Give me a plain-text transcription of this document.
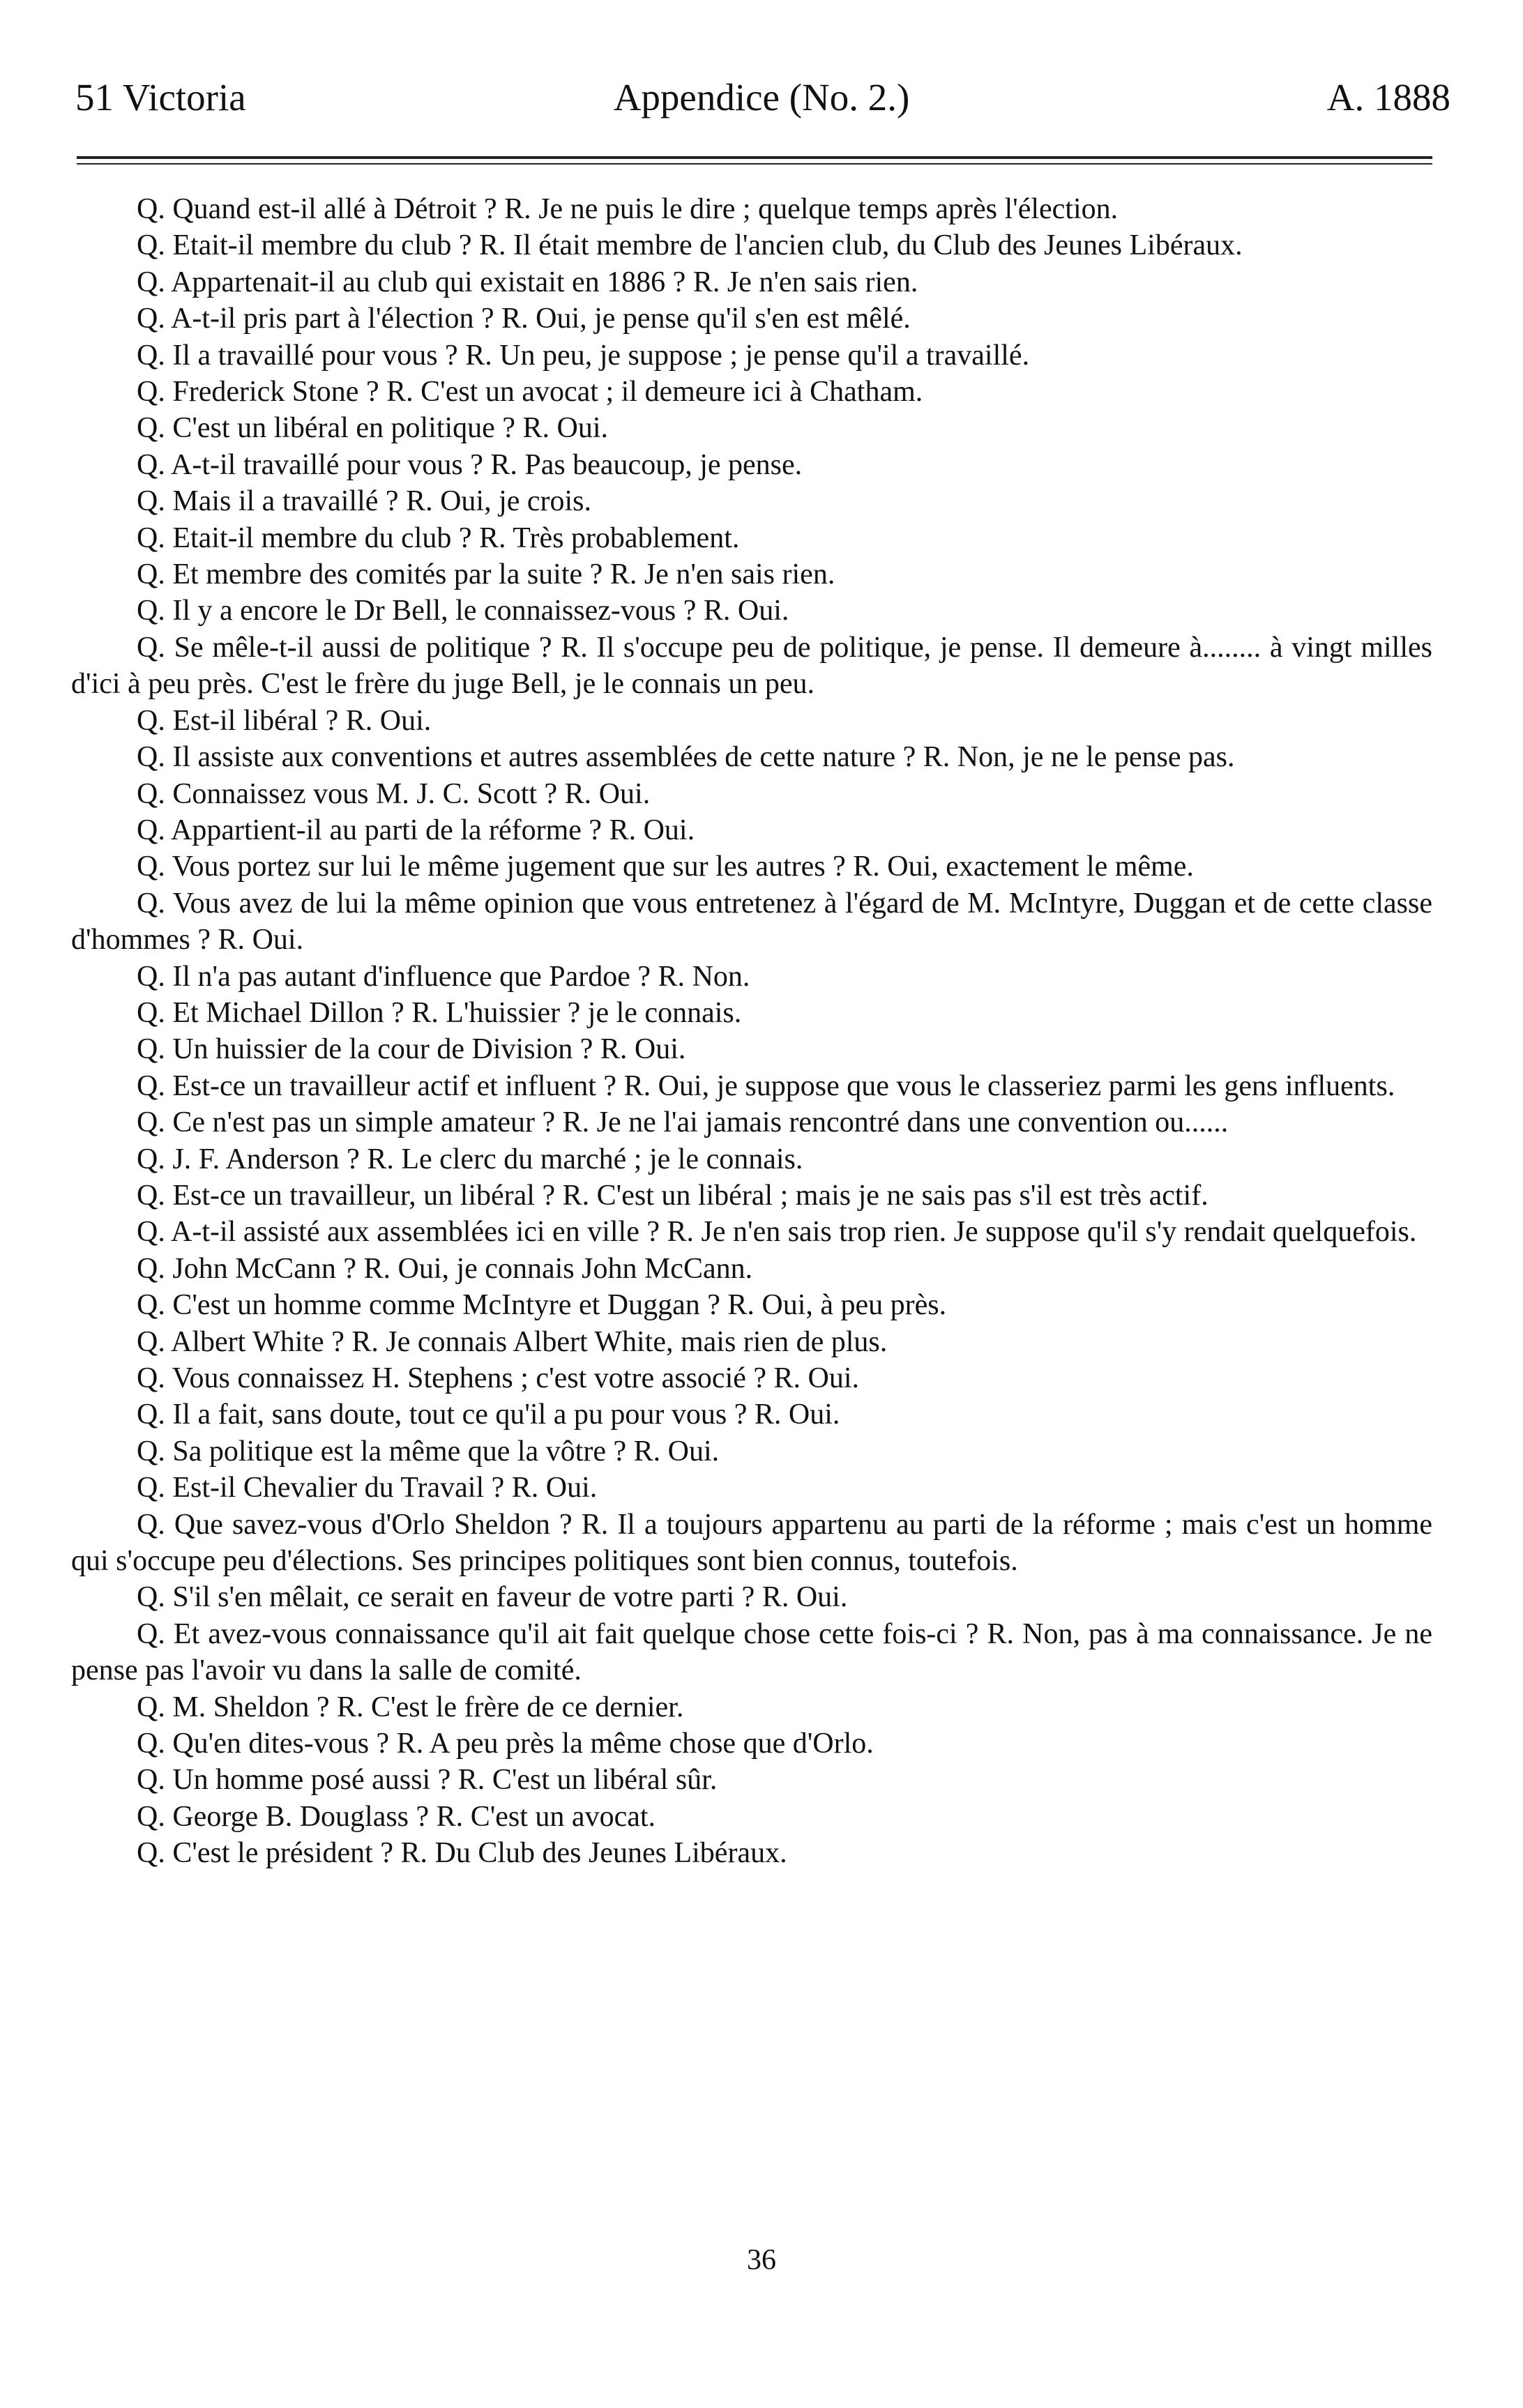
51 Victoria	Appendice (No. 2.)	A. 1888

Q. Quand est-il allé à Détroit ? R. Je ne puis le dire ; quelque temps après l'élection.

Q. Etait-il membre du club ? R. Il était membre de l'ancien club, du Club des Jeunes Libéraux.

Q. Appartenait-il au club qui existait en 1886 ? R. Je n'en sais rien.

Q. A-t-il pris part à l'élection ? R. Oui, je pense qu'il s'en est mêlé.

Q. Il a travaillé pour vous ? R. Un peu, je suppose ; je pense qu'il a travaillé.

Q. Frederick Stone ? R. C'est un avocat ; il demeure ici à Chatham.

Q. C'est un libéral en politique ? R. Oui.

Q. A-t-il travaillé pour vous ? R. Pas beaucoup, je pense.

Q. Mais il a travaillé ? R. Oui, je crois.

Q. Etait-il membre du club ? R. Très probablement.

Q. Et membre des comités par la suite ? R. Je n'en sais rien.

Q. Il y a encore le Dr Bell, le connaissez-vous ? R. Oui.

Q. Se mêle-t-il aussi de politique ? R. Il s'occupe peu de politique, je pense. Il demeure à........ à vingt milles d'ici à peu près. C'est le frère du juge Bell, je le connais un peu.

Q. Est-il libéral ? R. Oui.

Q. Il assiste aux conventions et autres assemblées de cette nature ? R. Non, je ne le pense pas.

Q. Connaissez vous M. J. C. Scott ? R. Oui.

Q. Appartient-il au parti de la réforme ? R. Oui.

Q. Vous portez sur lui le même jugement que sur les autres ? R. Oui, exactement le même.

Q. Vous avez de lui la même opinion que vous entretenez à l'égard de M. McIntyre, Duggan et de cette classe d'hommes ? R. Oui.

Q. Il n'a pas autant d'influence que Pardoe ? R. Non.

Q. Et Michael Dillon ? R. L'huissier ? je le connais.

Q. Un huissier de la cour de Division ? R. Oui.

Q. Est-ce un travailleur actif et influent ? R. Oui, je suppose que vous le classeriez parmi les gens influents.

Q. Ce n'est pas un simple amateur ? R. Je ne l'ai jamais rencontré dans une convention ou......

Q. J. F. Anderson ? R. Le clerc du marché ; je le connais.

Q. Est-ce un travailleur, un libéral ? R. C'est un libéral ; mais je ne sais pas s'il est très actif.

Q. A-t-il assisté aux assemblées ici en ville ? R. Je n'en sais trop rien. Je suppose qu'il s'y rendait quelquefois.

Q. John McCann ? R. Oui, je connais John McCann.

Q. C'est un homme comme McIntyre et Duggan ? R. Oui, à peu près.

Q. Albert White ? R. Je connais Albert White, mais rien de plus.

Q. Vous connaissez H. Stephens ; c'est votre associé ? R. Oui.

Q. Il a fait, sans doute, tout ce qu'il a pu pour vous ? R. Oui.

Q. Sa politique est la même que la vôtre ? R. Oui.

Q. Est-il Chevalier du Travail ? R. Oui.

Q. Que savez-vous d'Orlo Sheldon ? R. Il a toujours appartenu au parti de la réforme ; mais c'est un homme qui s'occupe peu d'élections. Ses principes politiques sont bien connus, toutefois.

Q. S'il s'en mêlait, ce serait en faveur de votre parti ? R. Oui.

Q. Et avez-vous connaissance qu'il ait fait quelque chose cette fois-ci ? R. Non, pas à ma connaissance. Je ne pense pas l'avoir vu dans la salle de comité.

Q. M. Sheldon ? R. C'est le frère de ce dernier.

Q. Qu'en dites-vous ? R. A peu près la même chose que d'Orlo.

Q. Un homme posé aussi ? R. C'est un libéral sûr.

Q. George B. Douglass ? R. C'est un avocat.

Q. C'est le président ? R. Du Club des Jeunes Libéraux.

36
